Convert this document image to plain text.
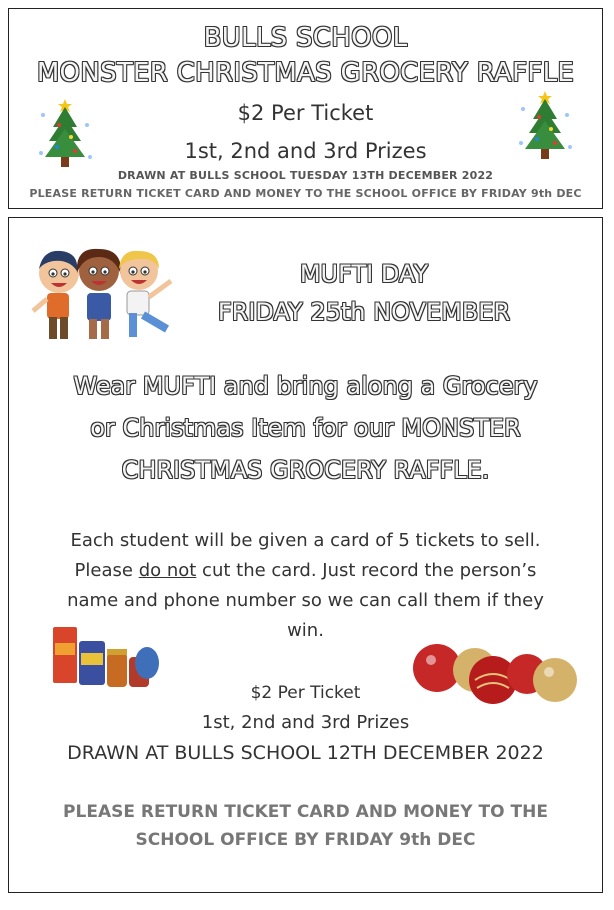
BULLS SCHOOL

MONSTER CHRISTMAS GROCERY RAFFLE

$2 Per Ticket

1st, 2nd and 3rd Prizes

DRAWN AT BULLS SCHOOL TUESDAY 13TH DECEMBER 2022

PLEASE RETURN TICKET CARD AND MONEY TO THE SCHOOL OFFICE BY FRIDAY 9th DEC

MUFTI DAY

FRIDAY 25th NOVEMBER

Wear MUFTI and bring along a Grocery

or Christmas Item for our MONSTER

CHRISTMAS GROCERY RAFFLE.

Each student will be given a card of 5 tickets to sell.

Please do not cut the card. Just record the person’s

name and phone number so we can call them if they

win.

$2 Per Ticket

1st, 2nd and 3rd Prizes

DRAWN AT BULLS SCHOOL 12TH DECEMBER 2022

PLEASE RETURN TICKET CARD AND MONEY TO THE

SCHOOL OFFICE BY FRIDAY 9th DEC
